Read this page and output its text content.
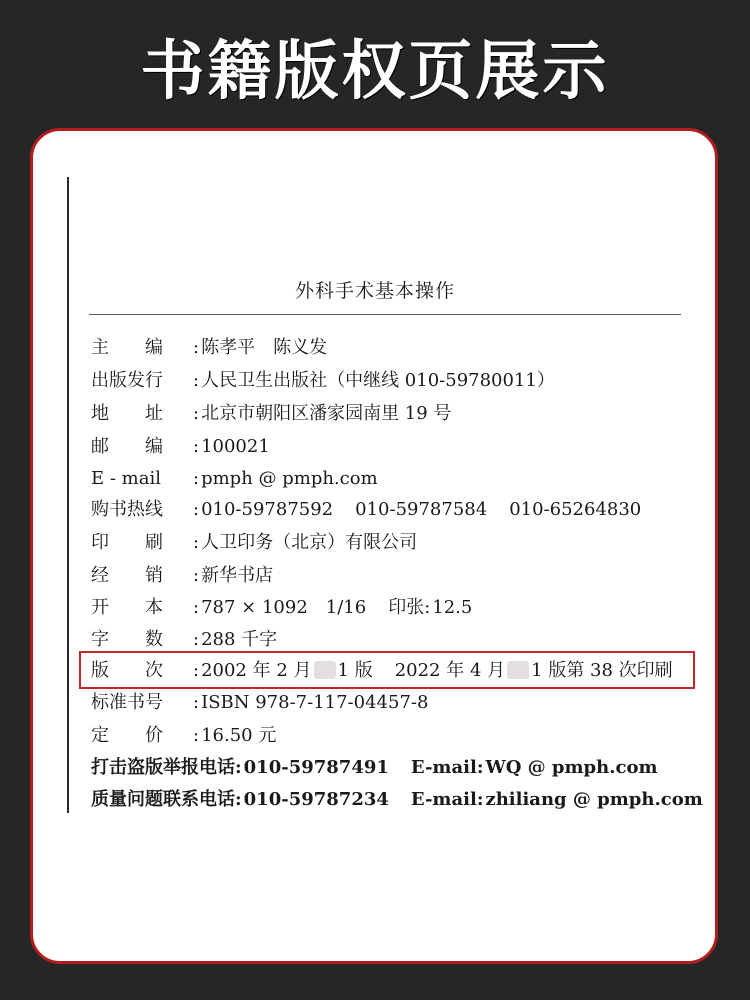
书籍版权页展示
外科手术基本操作
主　　编 : 陈孝平　陈义发
出版发行 : 人民卫生出版社（中继线 010-59780011）
地　　址 : 北京市朝阳区潘家园南里 19 号
邮　　编 : 100021
E - mail : pmph @ pmph.com
购书热线 : 010-59787592 010-59787584 010-65264830
印　　刷 : 人卫印务（北京）有限公司
经　　销 : 新华书店
开　　本 : 787 × 1092　1/16 印张: 12.5
字　　数 : 288 千字
版　　次 : 2002 年 2 月 1 版 2022 年 4 月 1 版第 38 次印刷
标准书号 : ISBN 978-7-117-04457-8
定　　价 : 16.50 元
打击盗版举报电话: 010-59787491 E-mail: WQ @ pmph.com
质量问题联系电话: 010-59787234 E-mail: zhiliang @ pmph.com
